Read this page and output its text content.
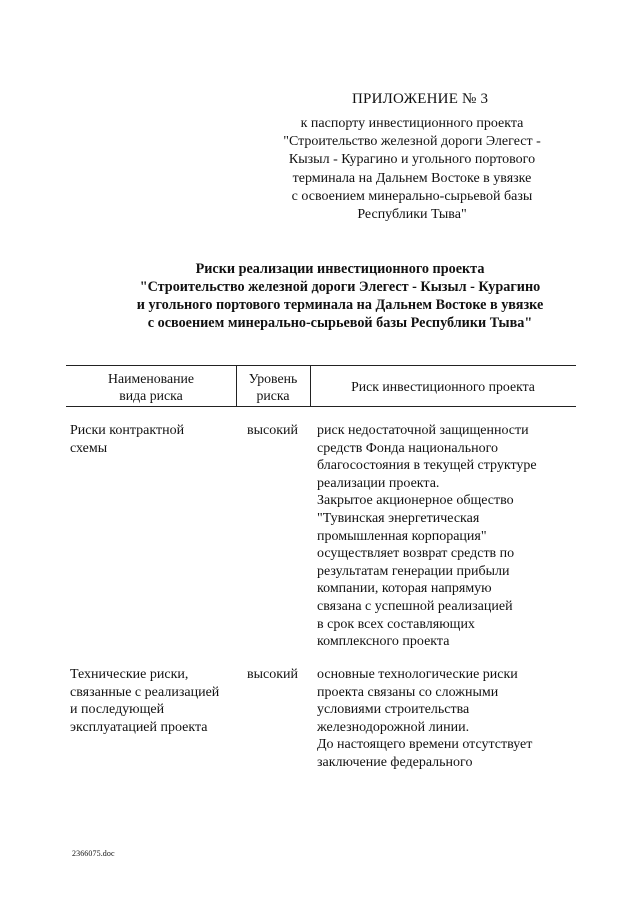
ПРИЛОЖЕНИЕ № 3
к паспорту инвестиционного проекта
"Строительство железной дороги Элегест -
Кызыл - Курагино и угольного портового
терминала на Дальнем Востоке в увязке
с освоением минерально-сырьевой базы
Республики Тыва"
Риски реализации инвестиционного проекта
"Строительство железной дороги Элегест - Кызыл - Курагино
и угольного портового терминала на Дальнем Востоке в увязке
с освоением минерально-сырьевой базы Республики Тыва"
Наименование
вида риска
Уровень
риска
Риск инвестиционного проекта
Риски контрактной
схемы
высокий риск недостаточной защищенности
средств Фонда национального
благосостояния в текущей структуре
реализации проекта.
Закрытое акционерное общество
"Тувинская энергетическая
промышленная корпорация"
осуществляет возврат средств по
результатам генерации прибыли
компании, которая напрямую
связана с успешной реализацией
в срок всех составляющих
комплексного проекта
Технические риски,
связанные с реализацией
и последующей
эксплуатацией проекта
высокий основные технологические риски
проекта связаны со сложными
условиями строительства
железнодорожной линии.
До настоящего времени отсутствует
заключение федерального
2366075.doc
